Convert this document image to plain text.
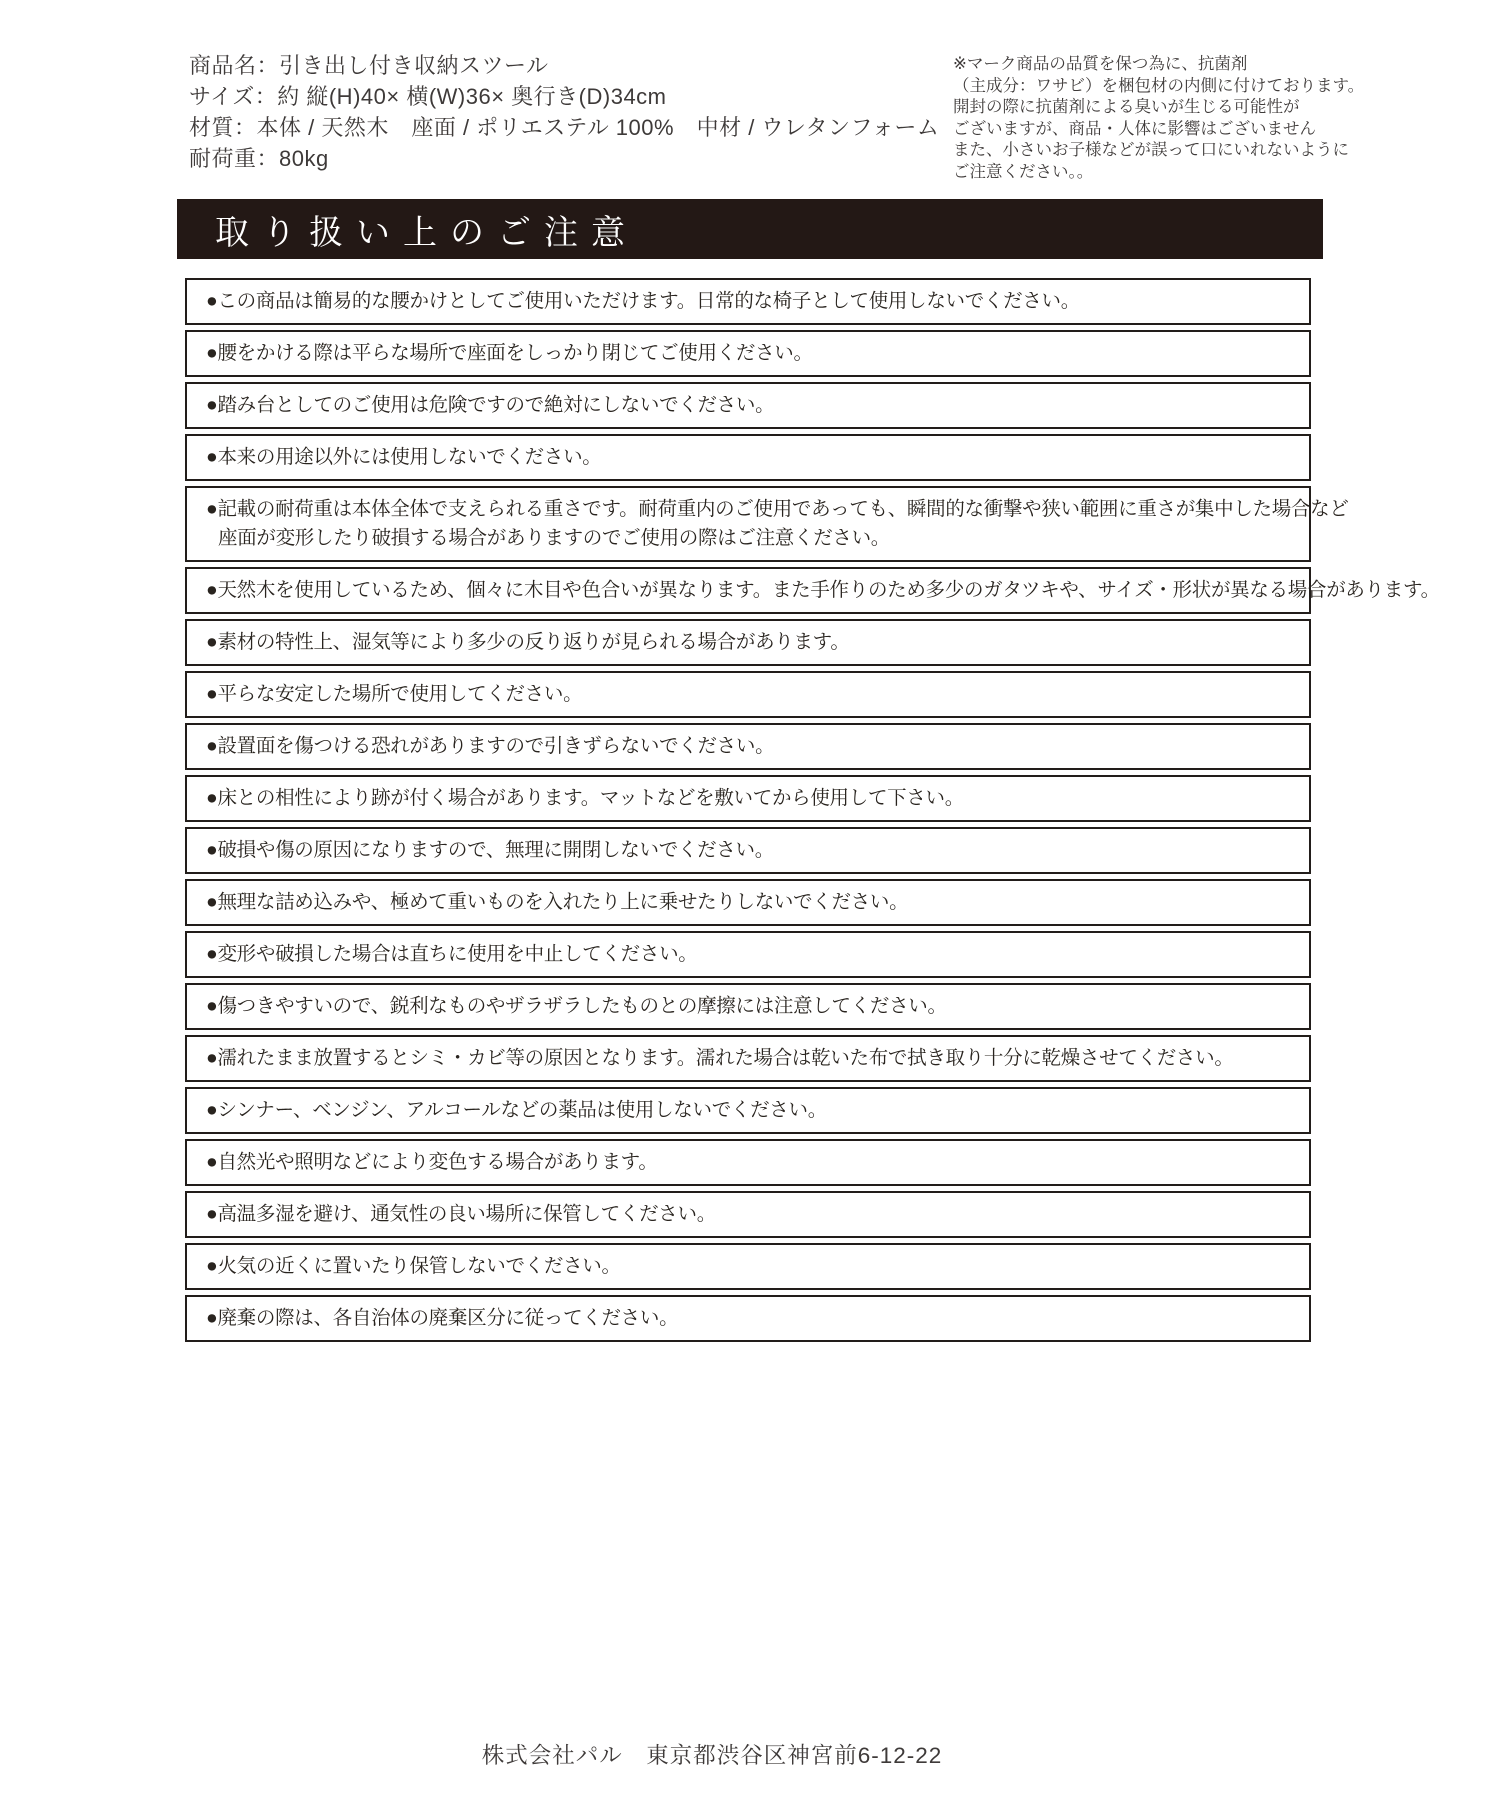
商品名：引き出し付き収納スツール
サイズ：約 縦(H)40× 横(W)36× 奥行き(D)34cm
材質：本体 / 天然木　座面 / ポリエステル 100%　中材 / ウレタンフォーム
耐荷重：80kg
※マーク商品の品質を保つ為に、抗菌剤
（主成分：ワサビ）を梱包材の内側に付けております。
開封の際に抗菌剤による臭いが生じる可能性が
ございますが、商品・人体に影響はございません
また、小さいお子様などが誤って口にいれないように
ご注意ください。。
取り扱い上のご注意
●この商品は簡易的な腰かけとしてご使用いただけます。日常的な椅子として使用しないでください。
●腰をかける際は平らな場所で座面をしっかり閉じてご使用ください。
●踏み台としてのご使用は危険ですので絶対にしないでください。
●本来の用途以外には使用しないでください。
●記載の耐荷重は本体全体で支えられる重さです。耐荷重内のご使用であっても、瞬間的な衝撃や狭い範囲に重さが集中した場合など
座面が変形したり破損する場合がありますのでご使用の際はご注意ください。
●天然木を使用しているため、個々に木目や色合いが異なります。また手作りのため多少のガタツキや、サイズ・形状が異なる場合があります。
●素材の特性上、湿気等により多少の反り返りが見られる場合があります。
●平らな安定した場所で使用してください。
●設置面を傷つける恐れがありますので引きずらないでください。
●床との相性により跡が付く場合があります。マットなどを敷いてから使用して下さい。
●破損や傷の原因になりますので、無理に開閉しないでください。
●無理な詰め込みや、極めて重いものを入れたり上に乗せたりしないでください。
●変形や破損した場合は直ちに使用を中止してください。
●傷つきやすいので、鋭利なものやザラザラしたものとの摩擦には注意してください。
●濡れたまま放置するとシミ・カビ等の原因となります。濡れた場合は乾いた布で拭き取り十分に乾燥させてください。
●シンナー、ベンジン、アルコールなどの薬品は使用しないでください。
●自然光や照明などにより変色する場合があります。
●高温多湿を避け、通気性の良い場所に保管してください。
●火気の近くに置いたり保管しないでください。
●廃棄の際は、各自治体の廃棄区分に従ってください。
株式会社パル　東京都渋谷区神宮前6-12-22
